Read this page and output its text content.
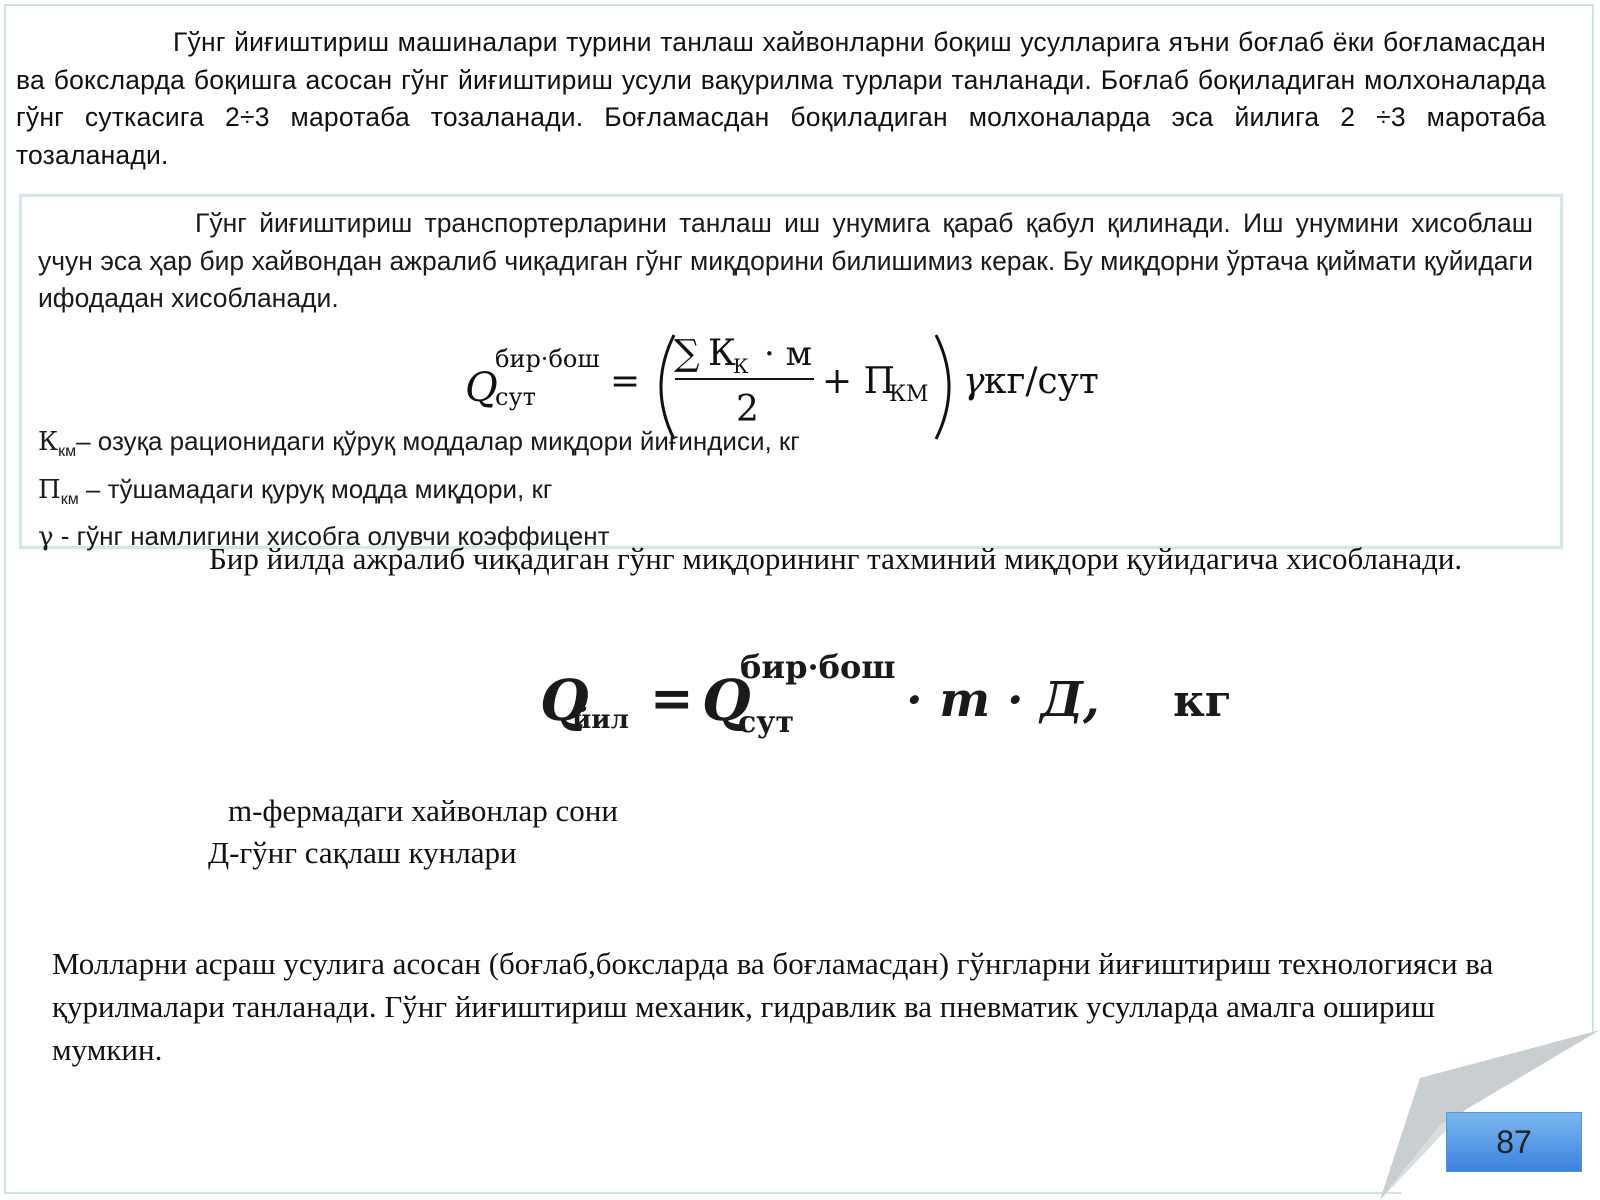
Гўнг йиғиштириш машиналари турини танлаш хайвонларни боқиш усулларига яъни боғлаб ёки боғламасдан ва боксларда боқишга асосан гўнг йиғиштириш усули вақурилма турлари танланади. Боғлаб боқиладиган молхоналарда гўнг суткасига 2÷3 маротаба тозаланади. Боғламасдан боқиладиган молхоналарда эса йилига 2 ÷3 маротаба тозаланади.

Гўнг йиғиштириш транспортерларини танлаш иш унумига қараб қабул қилинади. Иш унумини хисоблаш учун эса ҳар бир хайвондан ажралиб чиқадиган гўнг миқдорини билишимиз керак. Бу миқдорни ўртача қиймати қуйидаги ифодадан хисобланади.

Q
бир·бош
сут =
∑ К
К · м
2
+ П
КМ γ кг/сут
$К_{км}-$ озуқа рационидаги қўруқ моддалар миқдори йиғиндиси, кг
$П_{км}$ – тўшамадаги қуруқ модда миқдори, кг
γ - гўнг намлигини хисобга олувчи коэффицент

Бир йилда ажралиб чиқадиган гўнг миқдорининг тахминий миқдори қуйидагича хисобланади.

Q
йил = Q
бир·бош
сут · m · Д, кг
m-фермадаги хайвонлар сони
Д-гўнг сақлаш кунлари

Молларни асраш усулига асосан (боғлаб,боксларда ва боғламасдан) гўнгларни йиғиштириш технологияси ва қурилмалари танланади. Гўнг йиғиштириш механик, гидравлик ва пневматик усулларда амалга ошириш мумкин.

87
